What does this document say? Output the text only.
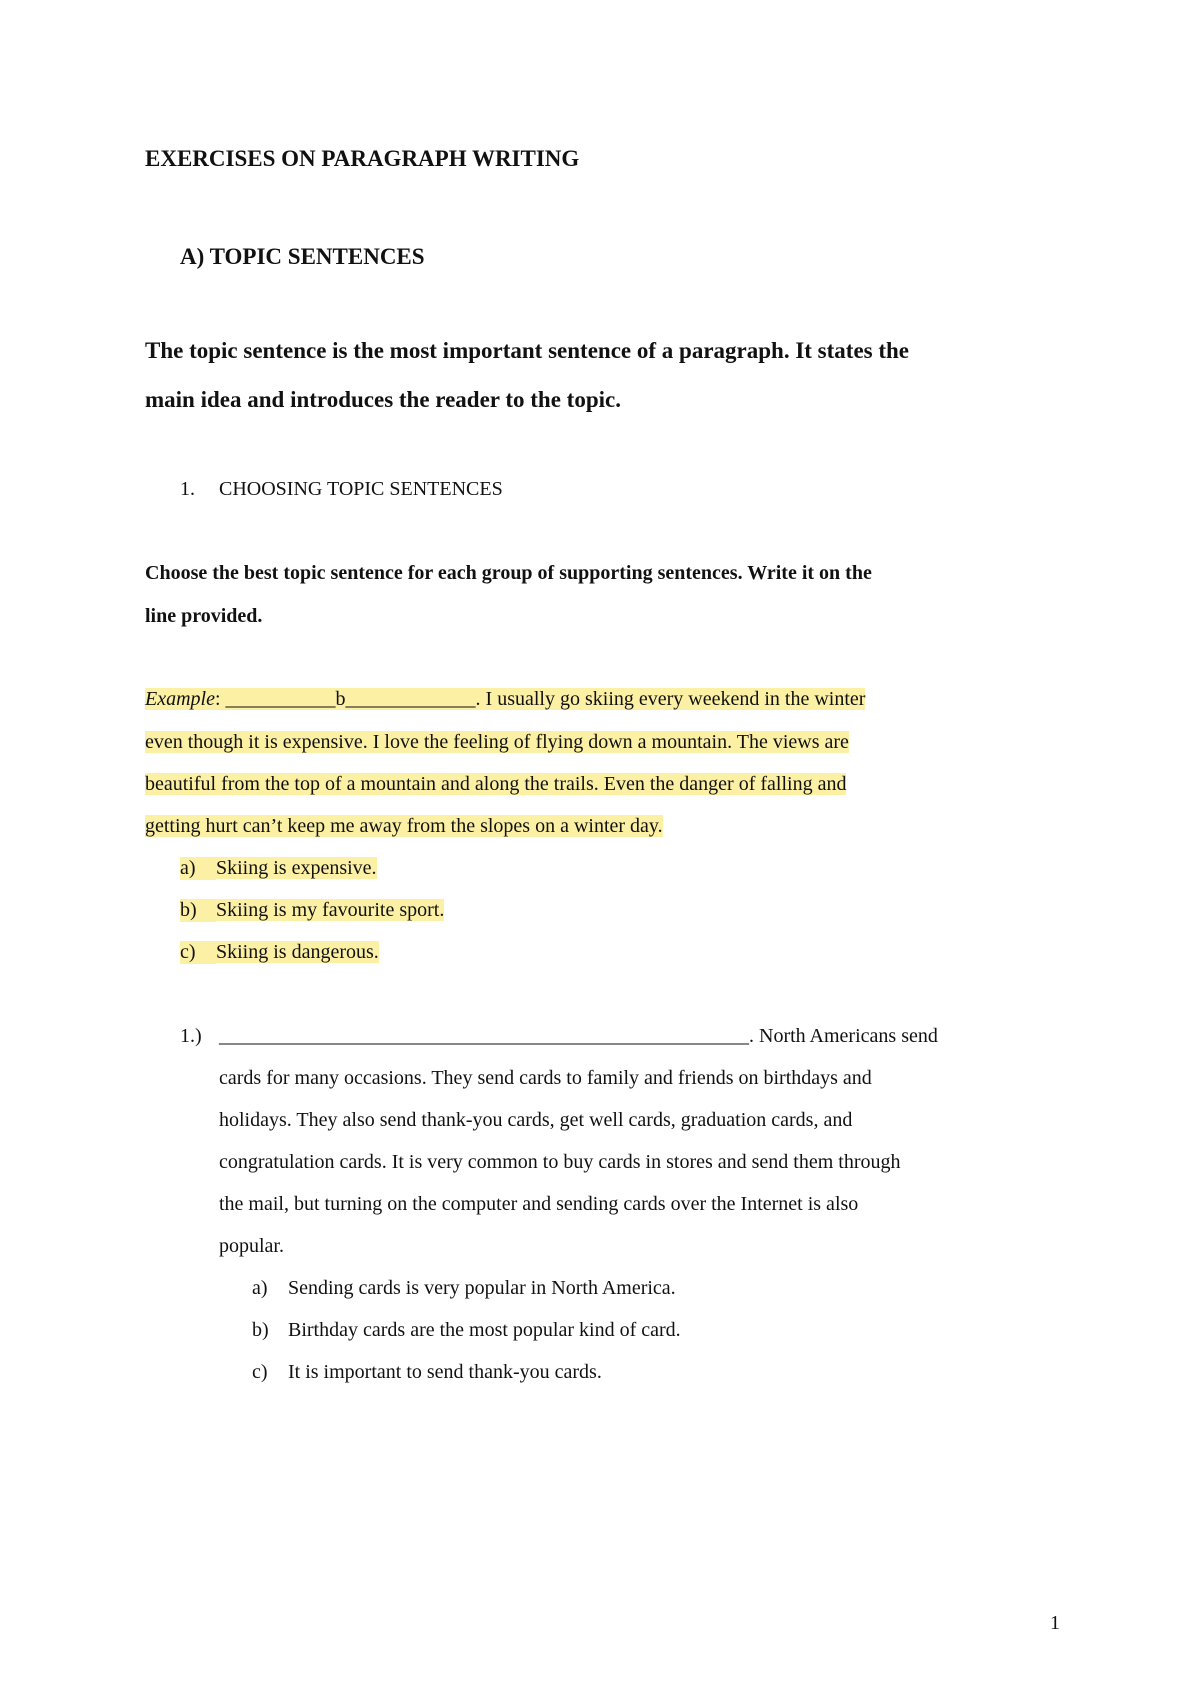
EXERCISES ON PARAGRAPH WRITING
A) TOPIC SENTENCES
The topic sentence is the most important sentence of a paragraph. It states the
main idea and introduces the reader to the topic.
1. CHOOSING TOPIC SENTENCES
Choose the best topic sentence for each group of supporting sentences. Write it on the
line provided.
Example: ___________b_____________. I usually go skiing every weekend in the winter
even though it is expensive. I love the feeling of flying down a mountain. The views are
beautiful from the top of a mountain and along the trails. Even the danger of falling and
getting hurt can’t keep me away from the slopes on a winter day.
a) Skiing is expensive.
b) Skiing is my favourite sport.
c) Skiing is dangerous.
1.) _____________________________________________________. North Americans send
cards for many occasions. They send cards to family and friends on birthdays and
holidays. They also send thank-you cards, get well cards, graduation cards, and
congratulation cards. It is very common to buy cards in stores and send them through
the mail, but turning on the computer and sending cards over the Internet is also
popular.
a) Sending cards is very popular in North America.
b) Birthday cards are the most popular kind of card.
c) It is important to send thank-you cards.
1
